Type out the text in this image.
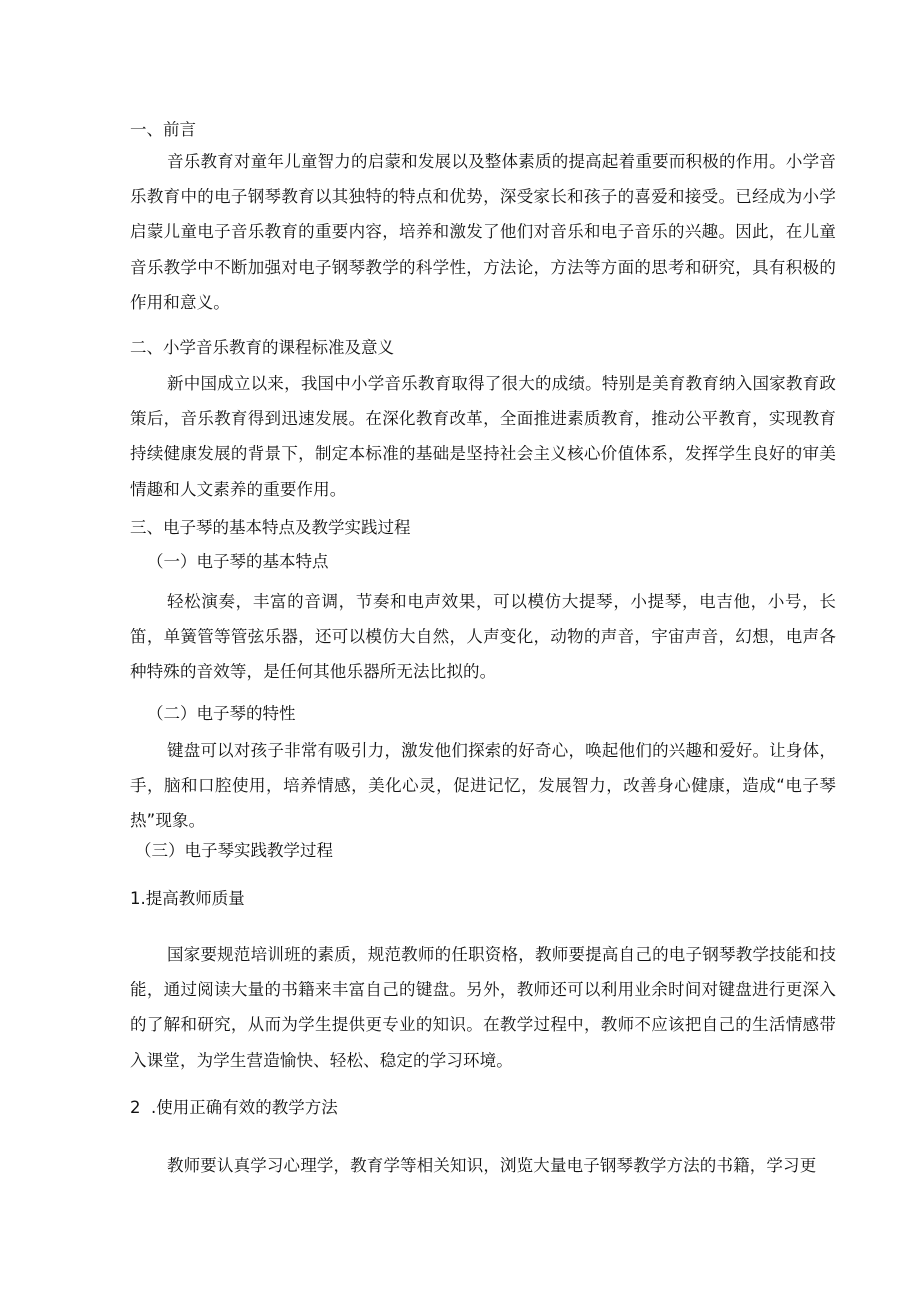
一、前言

音乐教育对童年儿童智力的启蒙和发展以及整体素质的提高起着重要而积极的作用。小学音乐教育中的电子钢琴教育以其独特的特点和优势，深受家长和孩子的喜爱和接受。已经成为小学启蒙儿童电子音乐教育的重要内容，培养和激发了他们对音乐和电子音乐的兴趣。因此，在儿童音乐教学中不断加强对电子钢琴教学的科学性，方法论，方法等方面的思考和研究，具有积极的作用和意义。

二、小学音乐教育的课程标准及意义

新中国成立以来，我国中小学音乐教育取得了很大的成绩。特别是美育教育纳入国家教育政策后，音乐教育得到迅速发展。在深化教育改革，全面推进素质教育，推动公平教育，实现教育持续健康发展的背景下，制定本标准的基础是坚持社会主义核心价值体系，发挥学生良好的审美情趣和人文素养的重要作用。

三、电子琴的基本特点及教学实践过程
（一）电子琴的基本特点

轻松演奏，丰富的音调，节奏和电声效果，可以模仿大提琴，小提琴，电吉他，小号，长笛，单簧管等管弦乐器，还可以模仿大自然，人声变化，动物的声音，宇宙声音，幻想，电声各种特殊的音效等，是任何其他乐器所无法比拟的。

（二）电子琴的特性

键盘可以对孩子非常有吸引力，激发他们探索的好奇心，唤起他们的兴趣和爱好。让身体，手，脑和口腔使用，培养情感，美化心灵，促进记忆，发展智力，改善身心健康，造成“电子琴热”现象。

（三）电子琴实践教学过程
1.提高教师质量

国家要规范培训班的素质，规范教师的任职资格，教师要提高自己的电子钢琴教学技能和技能，通过阅读大量的书籍来丰富自己的键盘。另外，教师还可以利用业余时间对键盘进行更深入的了解和研究，从而为学生提供更专业的知识。在教学过程中，教师不应该把自己的生活情感带入课堂，为学生营造愉快、轻松、稳定的学习环境。

2  .使用正确有效的教学方法

教师要认真学习心理学，教育学等相关知识，浏览大量电子钢琴教学方法的书籍，学习更
